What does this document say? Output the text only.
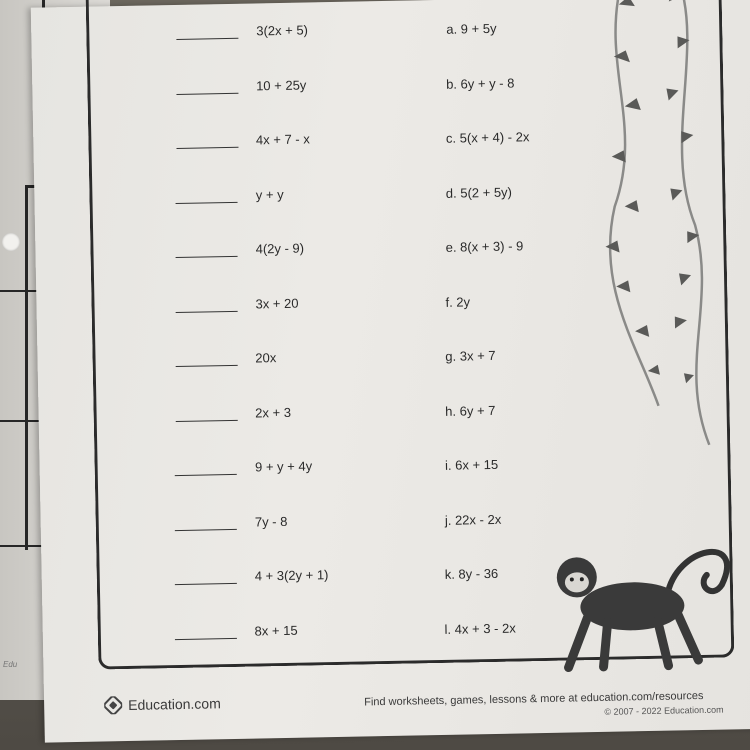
Edu
3(2x + 5)	a. 9 + 5y
10 + 25y	b. 6y + y - 8
4x + 7 - x	c. 5(x + 4) - 2x
y + y	d. 5(2 + 5y)
4(2y - 9)	e. 8(x + 3) - 9
3x + 20	f. 2y
20x	g. 3x + 7
2x + 3	h. 6y + 7
9 + y + 4y	i. 6x + 15
7y - 8	j. 22x - 2x
4 + 3(2y + 1)	k. 8y - 36
8x + 15	l. 4x + 3 - 2x
Education.com	Find worksheets, games, lessons & more at education.com/resources
© 2007 - 2022 Education.com
